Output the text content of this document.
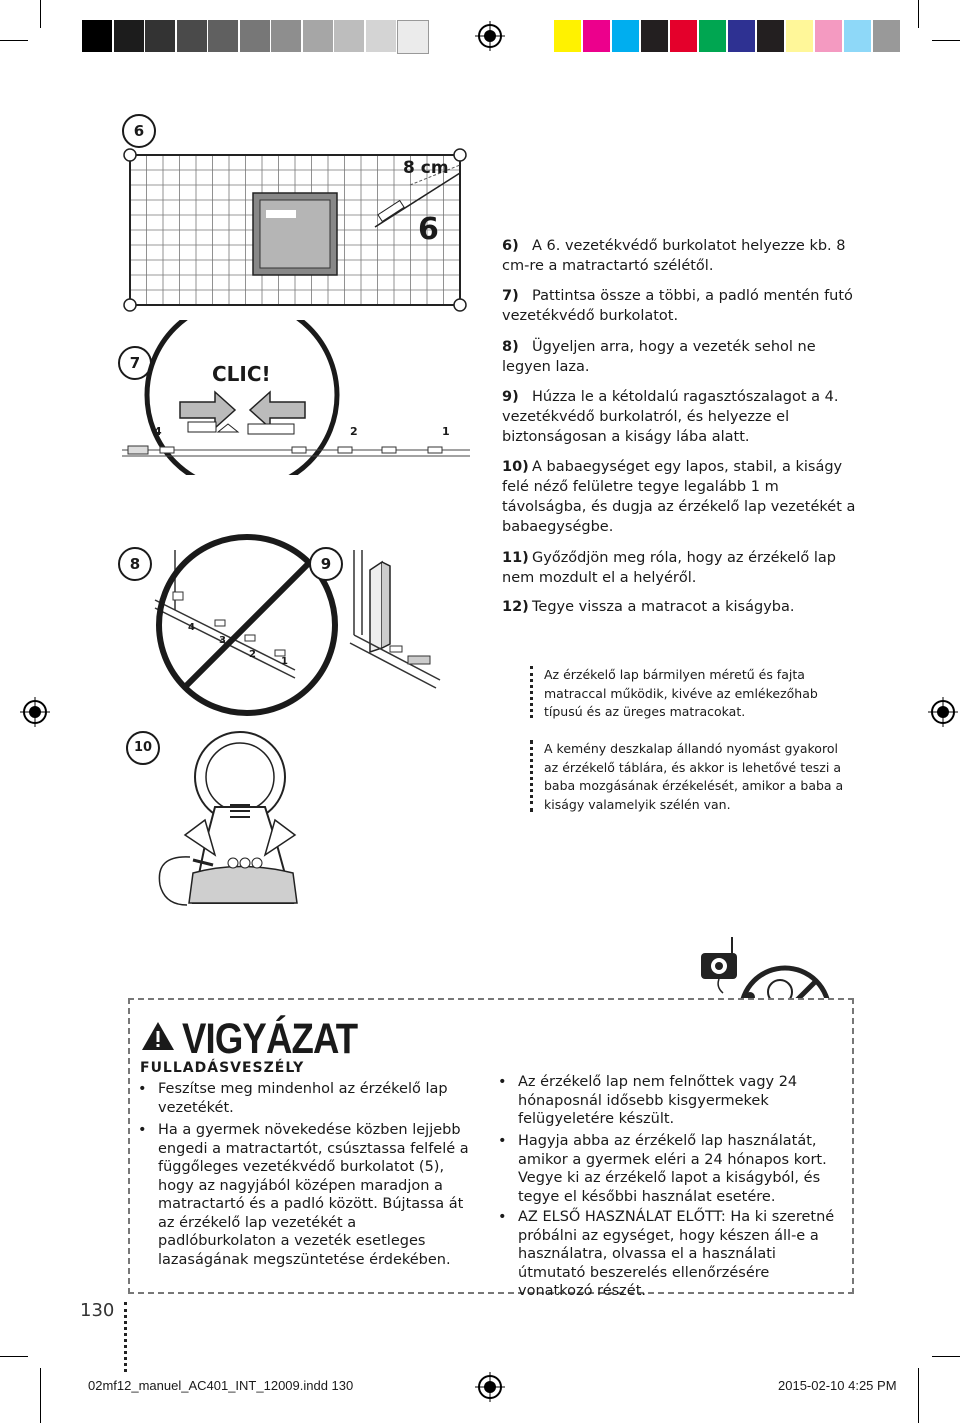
6
8 cm
6
7	CLIC!
4	2	1
8
4
3
2
1
9
6) A 6. vezetékvédő burkolatot helyezze kb. 8 cm-re a matractartó szélétől.
7) Pattintsa össze a többi, a padló mentén futó vezetékvédő burkolatot.
8) Ügyeljen arra, hogy a vezeték sehol ne legyen laza.
9) Húzza le a kétoldalú ragasztószalagot a 4. vezetékvédő burkolatról, és helyezze el biztonságosan a kiságy lába alatt.
10) A babaegységet egy lapos, stabil, a kiságy felé néző felületre tegye legalább 1 m távolságba, és dugja az érzékelő lap vezetékét a babaegységbe.
11) Győződjön meg róla, hogy az érzékelő lap nem mozdult el a helyéről.
12) Tegye vissza a matracot a kiságyba.
Az érzékelő lap bármilyen méretű és fajta matraccal működik, kivéve az emlékezőhab típusú és az üreges matracokat.
A kemény deszkalap állandó nyomást gyakorol az érzékelő táblára, és akkor is lehetővé teszi a baba mozgásának érzékelését, amikor a baba a kiságy valamelyik szélén van.
10
VIGYÁZAT
FULLADÁSVESZÉLY
• Feszítse meg mindenhol az érzékelő lap vezetékét.
• Ha a gyermek növekedése közben lejjebb engedi a matractartót, csúsztassa felfelé a függőleges vezetékvédő burkolatot (5), hogy az nagyjából középen maradjon a matractartó és a padló között. Bújtassa át az érzékelő lap vezetékét a padlóburkolaton a vezeték esetleges lazaságának megszüntetése érdekében.
• Az érzékelő lap nem felnőttek vagy 24 hónaposnál idősebb kisgyermekek felügyeletére készült.
• Hagyja abba az érzékelő lap használatát, amikor a gyermek eléri a 24 hónapos kort. Vegye ki az érzékelő lapot a kiságyból, és tegye el későbbi használat esetére.
• AZ ELSŐ HASZNÁLAT ELŐTT: Ha ki szeretné próbálni az egységet, hogy készen áll-e a használatra, olvassa el a használati útmutató beszerelés ellenőrzésére vonatkozó részét.
130
02mf12_manuel_AC401_INT_12009.indd 130	2015-02-10 4:25 PM
